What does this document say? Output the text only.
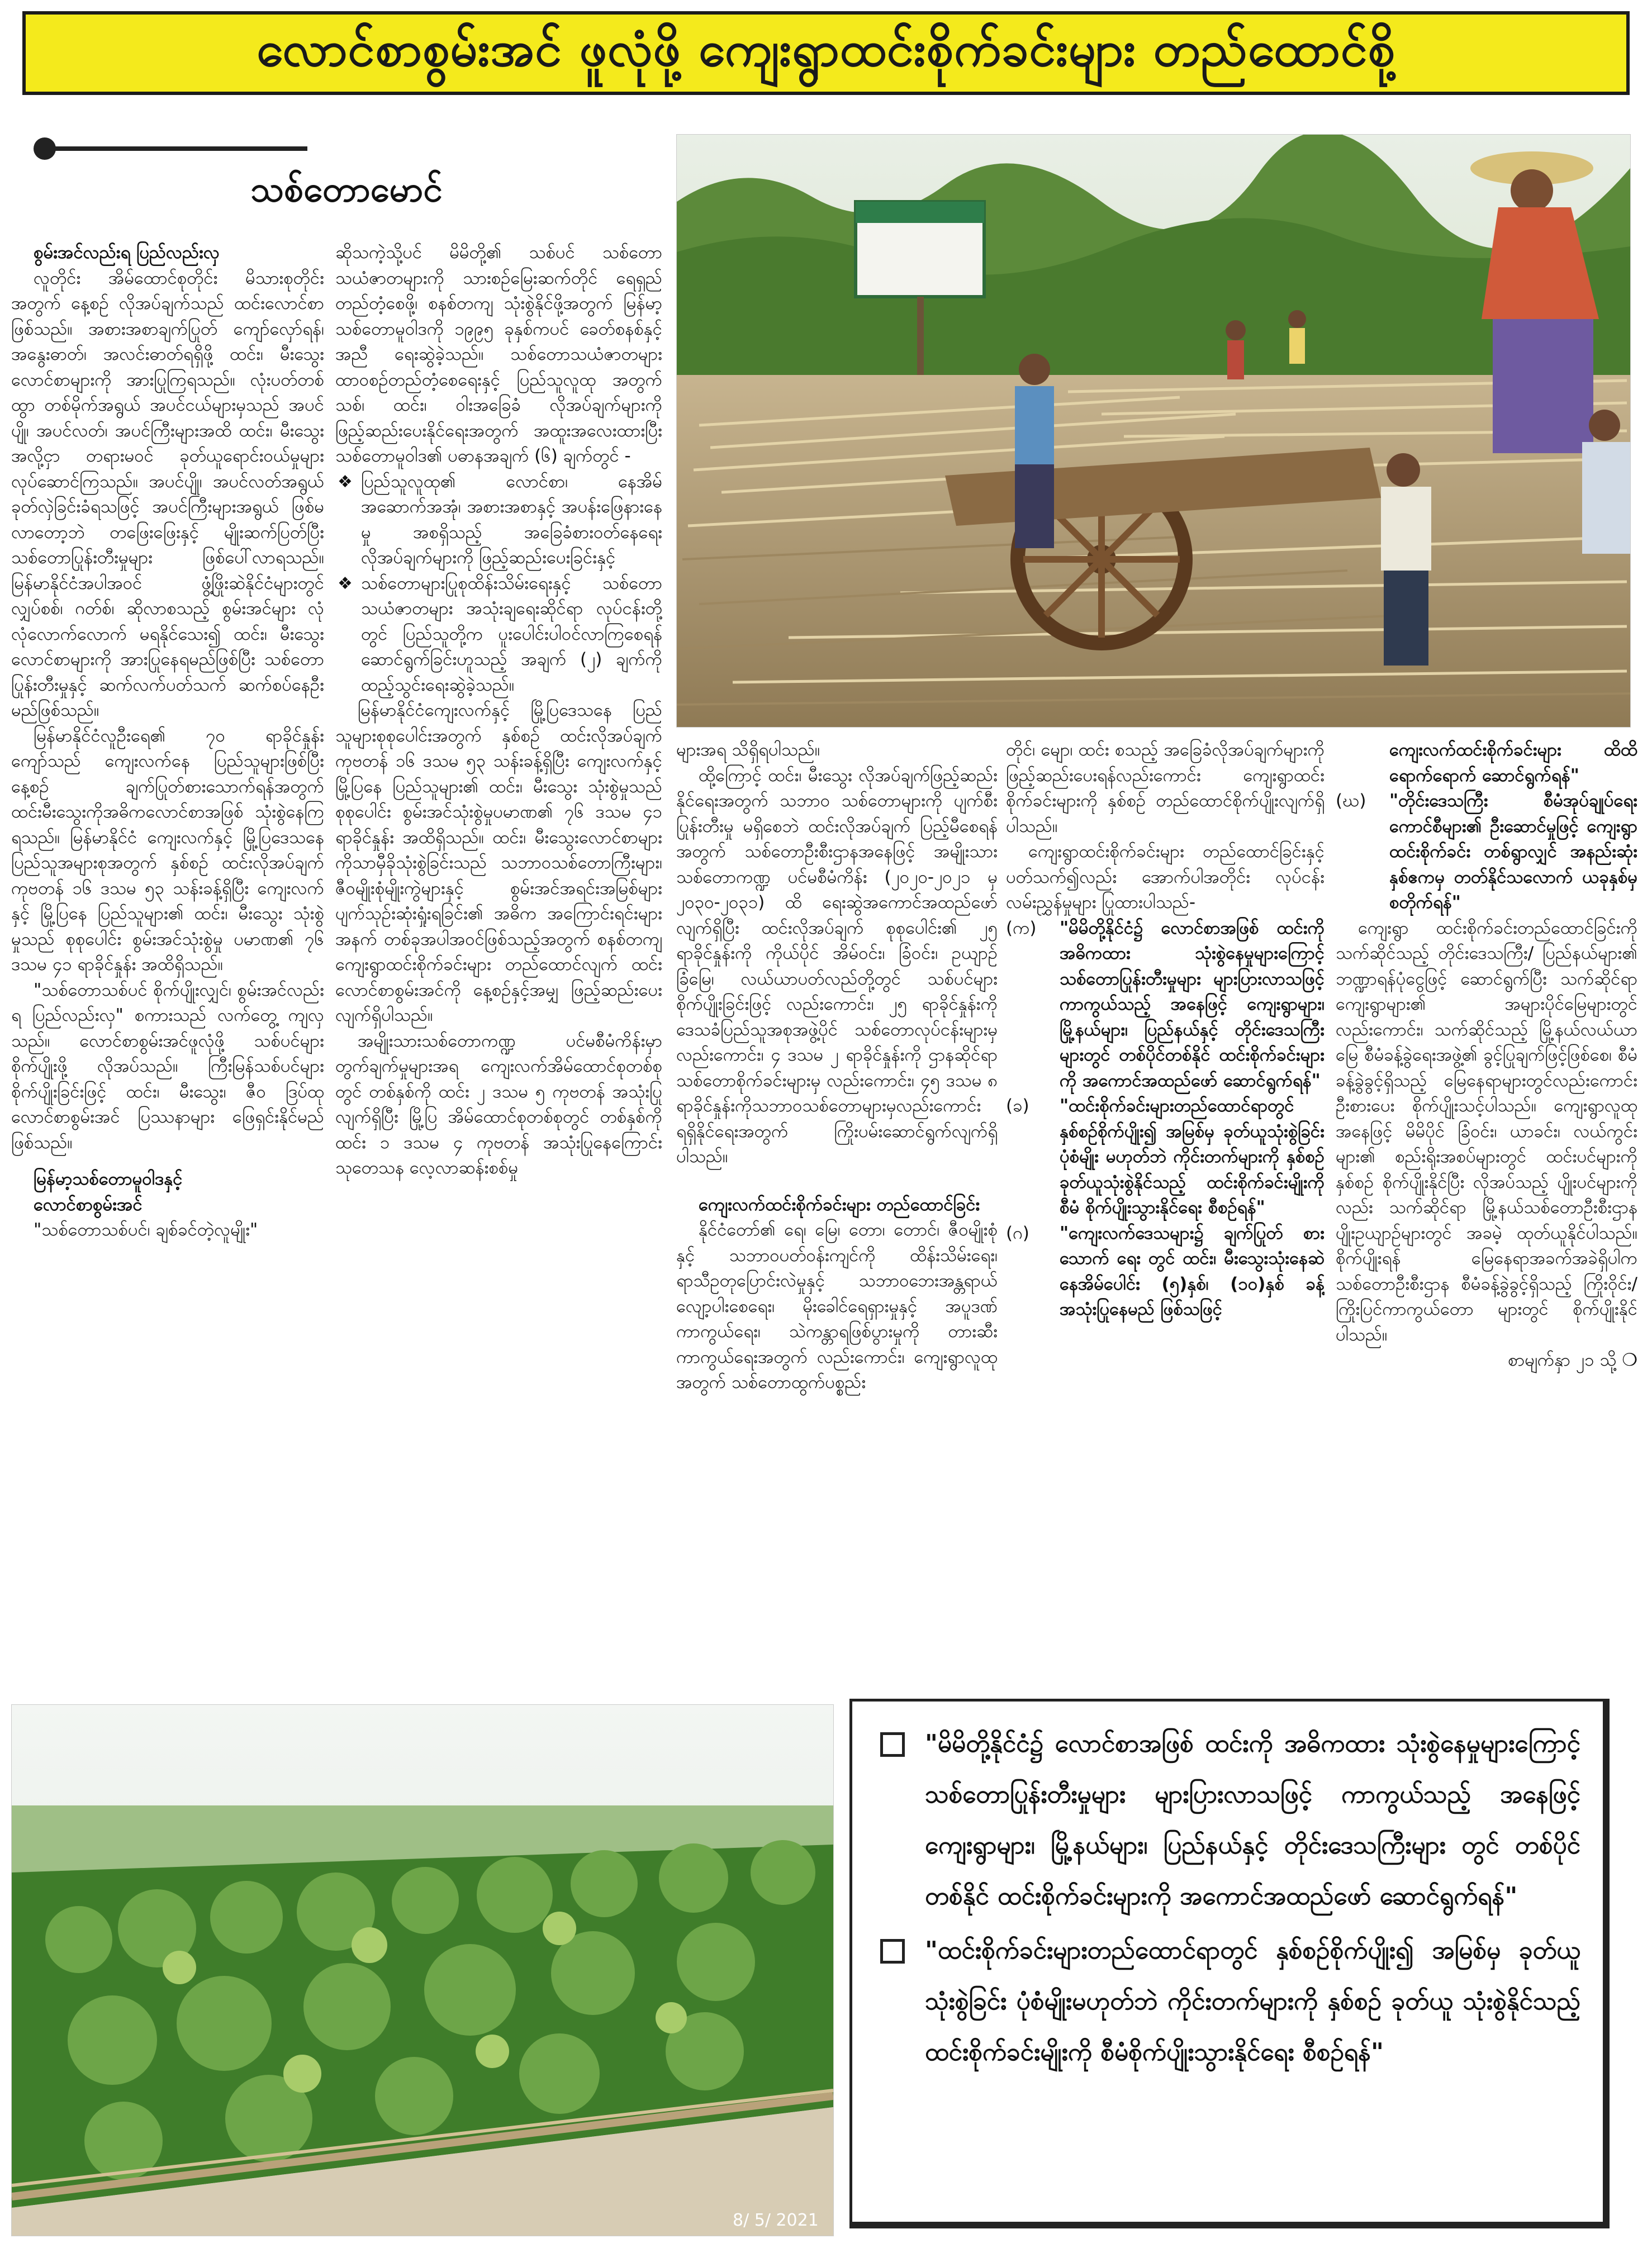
လောင်စာစွမ်းအင် ဖူလုံဖို့ ကျေးရွာထင်းစိုက်ခင်းများ တည်ထောင်စို့
သစ်တောမောင်

စွမ်းအင်လည်းရ ပြည်လည်းလှ

လူတိုင်း အိမ်ထောင်စုတိုင်း မိသားစုတိုင်းအတွက် နေ့စဉ် လိုအပ်ချက်သည် ထင်းလောင်စာ ဖြစ်သည်။ အစားအစာချက်ပြုတ် ကျော်လှော်ရန်၊ အနွေးဓာတ်၊ အလင်းဓာတ်ရရှိဖို့ ထင်း၊ မီးသွေး လောင်စာများကို အားပြုကြရသည်။ လုံးပတ်တစ်ထွာ တစ်မိုက်အရွယ် အပင်ငယ်များမှသည် အပင်ပျို၊ အပင်လတ်၊ အပင်ကြီးများအထိ ထင်း၊ မီးသွေး အလို့ငှာ တရားမဝင် ခုတ်ယူရောင်းဝယ်မှုများ လုပ်ဆောင်ကြသည်။ အပင်ပျို၊ အပင်လတ်အရွယ် ခုတ်လှဲခြင်းခံရသဖြင့် အပင်ကြီးများအရွယ် ဖြစ်မလာတော့ဘဲ တဖြေးဖြေးနှင့် မျိုးဆက်ပြတ်ပြီး သစ်တောပြုန်းတီးမှုများ ဖြစ်ပေါ်လာရသည်။ မြန်မာနိုင်ငံအပါအဝင် ဖွံ့ဖြိုးဆဲနိုင်ငံများတွင် လျှပ်စစ်၊ ဂတ်စ်၊ ဆိုလာစသည့် စွမ်းအင်များ လုံလုံလောက်လောက် မရနိုင်သေး၍ ထင်း၊ မီးသွေး လောင်စာများကို အားပြုနေရမည်ဖြစ်ပြီး သစ်တောပြုန်းတီးမှုနှင့် ဆက်လက်ပတ်သက် ဆက်စပ်နေဦးမည်ဖြစ်သည်။

မြန်မာနိုင်ငံလူဦးရေ၏ ၇၀ ရာခိုင်နှုန်းကျော်သည် ကျေးလက်နေ ပြည်သူများဖြစ်ပြီး နေ့စဉ် ချက်ပြုတ်စားသောက်ရန်အတွက်ထင်းမီးသွေးကိုအဓိကလောင်စာအဖြစ် သုံးစွဲနေကြရသည်။ မြန်မာနိုင်ငံ ကျေးလက်နှင့် မြို့ပြဒေသနေ ပြည်သူအများစုအတွက် နှစ်စဉ် ထင်းလိုအပ်ချက် ကုဗတန် ၁၆ ဒသမ ၅၃ သန်းခန့်ရှိပြီး ကျေးလက်နှင့် မြို့ပြနေ ပြည်သူများ၏ ထင်း၊ မီးသွေး သုံးစွဲမှုသည် စုစုပေါင်း စွမ်းအင်သုံးစွဲမှု ပမာဏ၏ ၇၆ ဒသမ ၄၁ ရာခိုင်နှုန်း အထိရှိသည်။

"သစ်တောသစ်ပင် စိုက်ပျိုးလျှင်၊ စွမ်းအင်လည်းရ ပြည်လည်းလှ" စကားသည် လက်တွေ့ ကျလှသည်။ လောင်စာစွမ်းအင်ဖူလုံဖို့ သစ်ပင်များ စိုက်ပျိုးဖို့ လိုအပ်သည်။ ကြီးမြန်သစ်ပင်များ စိုက်ပျိုးခြင်းဖြင့် ထင်း၊ မီးသွေး၊ ဇီဝ ဒြပ်ထု လောင်စာစွမ်းအင် ပြဿနာများ ဖြေရှင်းနိုင်မည်ဖြစ်သည်။

မြန်မာ့သစ်တောမူဝါဒနှင့်

လောင်စာစွမ်းအင်

"သစ်တောသစ်ပင်၊ ချစ်ခင်တဲ့လူမျိုး"

ဆိုသကဲ့သို့ပင် မိမိတို့၏ သစ်ပင် သစ်တော သယံဇာတများကို သားစဉ်မြေးဆက်တိုင် ရေရှည်တည်တံ့စေဖို့၊ စနစ်တကျ သုံးစွဲနိုင်ဖို့အတွက် မြန်မာ့သစ်တောမူဝါဒကို ၁၉၉၅ ခုနှစ်ကပင် ခေတ်စနစ်နှင့်အညီ ရေးဆွဲခဲ့သည်။ သစ်တောသယံဇာတများ ထာဝစဉ်တည်တံ့စေရေးနှင့် ပြည်သူလူထု အတွက် သစ်၊ ထင်း၊ ဝါးအခြေခံ လိုအပ်ချက်များကို ဖြည့်ဆည်းပေးနိုင်ရေးအတွက် အထူးအလေးထားပြီး သစ်တောမူဝါဒ၏ ပဓာနအချက် (၆) ချက်တွင် -

❖ ပြည်သူလူထု၏ လောင်စာ၊ နေအိမ်အဆောက်အအုံ၊ အစားအစာနှင့် အပန်းဖြေနားနေမှု အစရှိသည့် အခြေခံစားဝတ်နေရေး လိုအပ်ချက်များကို ဖြည့်ဆည်းပေးခြင်းနှင့်
❖ သစ်တောများပြုစုထိန်းသိမ်းရေးနှင့် သစ်တောသယံဇာတများ အသုံးချရေးဆိုင်ရာ လုပ်ငန်းတို့တွင် ပြည်သူတို့က ပူးပေါင်းပါဝင်လာကြစေရန် ဆောင်ရွက်ခြင်းဟူသည့် အချက် (၂) ချက်ကို ထည့်သွင်းရေးဆွဲခဲ့သည်။

မြန်မာနိုင်ငံကျေးလက်နှင့် မြို့ပြဒေသနေ ပြည်သူများစုစုပေါင်းအတွက် နှစ်စဉ် ထင်းလိုအပ်ချက် ကုဗတန် ၁၆ ဒသမ ၅၃ သန်းခန့်ရှိပြီး ကျေးလက်နှင့် မြို့ပြနေ ပြည်သူများ၏ ထင်း၊ မီးသွေး သုံးစွဲမှုသည် စုစုပေါင်း စွမ်းအင်သုံးစွဲမှုပမာဏ၏ ၇၆ ဒသမ ၄၁ ရာခိုင်နှုန်း အထိရှိသည်။ ထင်း၊ မီးသွေးလောင်စာများကိုသာမှီခိုသုံးစွဲခြင်းသည် သဘာဝသစ်တောကြီးများ၊ ဇီဝမျိုးစုံမျိုးကွဲများနှင့် စွမ်းအင်အရင်းအမြစ်များ ပျက်သုဉ်းဆုံးရှုံးရခြင်း၏ အဓိက အကြောင်းရင်းများအနက် တစ်ခုအပါအဝင်ဖြစ်သည့်အတွက် စနစ်တကျ ကျေးရွာထင်းစိုက်ခင်းများ တည်ထောင်လျက် ထင်းလောင်စာစွမ်းအင်ကို နေ့စဉ်နှင့်အမျှ ဖြည့်ဆည်းပေးလျက်ရှိပါသည်။

အမျိုးသားသစ်တောကဏ္ဍ ပင်မစီမံကိန်းမှာ တွက်ချက်မှုများအရ ကျေးလက်အိမ်ထောင်စုတစ်စုတွင် တစ်နှစ်ကို ထင်း ၂ ဒသမ ၅ ကုဗတန် အသုံးပြုလျက်ရှိပြီး မြို့ပြ အိမ်ထောင်စုတစ်စုတွင် တစ်နှစ်ကို ထင်း ၁ ဒသမ ၄ ကုဗတန် အသုံးပြုနေကြောင်း သုတေသန လေ့လာဆန်းစစ်မှု

များအရ သိရှိရပါသည်။

ထို့ကြောင့် ထင်း၊ မီးသွေး လိုအပ်ချက်ဖြည့်ဆည်းနိုင်ရေးအတွက် သဘာဝ သစ်တောများကို ပျက်စီးပြုန်းတီးမှု မရှိစေဘဲ ထင်းလိုအပ်ချက် ပြည့်မီစေရန်အတွက် သစ်တောဦးစီးဌာနအနေဖြင့် အမျိုးသားသစ်တောကဏ္ဍ ပင်မစီမံကိန်း (၂၀၂၀-၂၀၂၁ မှ ၂၀၃၀-၂၀၃၁) ထိ ရေးဆွဲအကောင်အထည်ဖော်လျက်ရှိပြီး ထင်းလိုအပ်ချက် စုစုပေါင်း၏ ၂၅ ရာခိုင်နှုန်းကို ကိုယ်ပိုင် အိမ်ဝင်း၊ ခြံဝင်း၊ ဥယျာဉ်ခြံမြေ၊ လယ်ယာပတ်လည်တို့တွင် သစ်ပင်များ စိုက်ပျိုးခြင်းဖြင့် လည်းကောင်း၊ ၂၅ ရာခိုင်နှုန်းကို ဒေသခံပြည်သူအစုအဖွဲ့ပိုင် သစ်တောလုပ်ငန်းများမှ လည်းကောင်း၊ ၄ ဒသမ ၂ ရာခိုင်နှုန်းကို ဌာနဆိုင်ရာ သစ်တောစိုက်ခင်းများမှ လည်းကောင်း၊ ၄၅ ဒသမ ၈ ရာခိုင်နှုန်းကိုသဘာဝသစ်တောများမှလည်းကောင်း ရရှိနိုင်ရေးအတွက် ကြိုးပမ်းဆောင်ရွက်လျက်ရှိပါသည်။

ကျေးလက်ထင်းစိုက်ခင်းများ တည်ထောင်ခြင်း

နိုင်ငံတော်၏ ရေ၊ မြေ၊ တော၊ တောင်၊ ဇီဝမျိုးစုံနှင့် သဘာဝပတ်ဝန်းကျင်ကို ထိန်းသိမ်းရေး၊ ရာသီဥတုပြောင်းလဲမှုနှင့် သဘာဝဘေးအန္တရာယ် လျော့ပါးစေရေး၊ မိုးခေါင်ရေရှားမှုနှင့် အပူဒဏ်ကာကွယ်ရေး၊ သဲကန္တာရဖြစ်ပွားမှုကို တားဆီးကာကွယ်ရေးအတွက် လည်းကောင်း၊ ကျေးရွာလူထုအတွက် သစ်တောထွက်ပစ္စည်း

တိုင်၊ မျော၊ ထင်း စသည့် အခြေခံလိုအပ်ချက်များကို ဖြည့်ဆည်းပေးရန်လည်းကောင်း ကျေးရွာထင်းစိုက်ခင်းများကို နှစ်စဉ် တည်ထောင်စိုက်ပျိုးလျက်ရှိပါသည်။

ကျေးရွာထင်းစိုက်ခင်းများ တည်ထောင်ခြင်းနှင့် ပတ်သက်၍လည်း အောက်ပါအတိုင်း လုပ်ငန်းလမ်းညွှန်မှုများ ပြုထားပါသည်-

(က)	"မိမိတို့နိုင်ငံ၌ လောင်စာအဖြစ် ထင်းကို အဓိကထား သုံးစွဲနေမှုများကြောင့် သစ်တောပြုန်းတီးမှုများ များပြားလာသဖြင့် ကာကွယ်သည့် အနေဖြင့် ကျေးရွာများ၊ မြို့နယ်များ၊ ပြည်နယ်နှင့် တိုင်းဒေသကြီးများတွင် တစ်ပိုင်တစ်နိုင် ထင်းစိုက်ခင်းများကို အကောင်အထည်ဖော် ဆောင်ရွက်ရန်"
(ခ)	"ထင်းစိုက်ခင်းများတည်ထောင်ရာတွင် နှစ်စဉ်စိုက်ပျိုး၍ အမြစ်မှ ခုတ်ယူသုံးစွဲခြင်း ပုံစံမျိုး မဟုတ်ဘဲ ကိုင်းတက်များကို နှစ်စဉ် ခုတ်ယူသုံးစွဲနိုင်သည့် ထင်းစိုက်ခင်းမျိုးကို စီမံ စိုက်ပျိုးသွားနိုင်ရေး စီစဉ်ရန်"
(ဂ)	"ကျေးလက်ဒေသများ၌ ချက်ပြုတ် စားသောက် ရေး တွင် ထင်း၊ မီးသွေးသုံးနေဆဲ နေအိမ်ပေါင်း (၅)နှစ်၊ (၁၀)နှစ် ခန့် အသုံးပြုနေမည် ဖြစ်သဖြင့်

ကျေးလက်ထင်းစိုက်ခင်းများ ထိထိရောက်ရောက် ဆောင်ရွက်ရန်"

(ဃ)	"တိုင်းဒေသကြီး စီမံအုပ်ချုပ်ရေးကောင်စီများ၏ ဦးဆောင်မှုဖြင့် ကျေးရွာထင်းစိုက်ခင်း တစ်ရွာလျှင် အနည်းဆုံး နှစ်ဧကမှ တတ်နိုင်သလောက် ယခုနှစ်မှ စတိုက်ရန်"

ကျေးရွာ ထင်းစိုက်ခင်းတည်ထောင်ခြင်းကို သက်ဆိုင်သည့် တိုင်းဒေသကြီး/ ပြည်နယ်များ၏ ဘဏ္ဍာရန်ပုံငွေဖြင့် ဆောင်ရွက်ပြီး သက်ဆိုင်ရာ ကျေးရွာများ၏ အများပိုင်မြေများတွင် လည်းကောင်း၊ သက်ဆိုင်သည့် မြို့နယ်လယ်ယာမြေ စီမံခန့်ခွဲရေးအဖွဲ့၏ ခွင့်ပြုချက်ဖြင့်ဖြစ်စေ၊ စီမံခန့်ခွဲခွင့်ရှိသည့် မြေနေရာများတွင်လည်းကောင်း ဦးစားပေး စိုက်ပျိုးသင့်ပါသည်။ ကျေးရွာလူထုအနေဖြင့် မိမိပိုင် ခြံဝင်း၊ ယာခင်း၊ လယ်ကွင်းများ၏ စည်းရိုးအစပ်များတွင် ထင်းပင်များကို နှစ်စဉ် စိုက်ပျိုးနိုင်ပြီး လိုအပ်သည့် ပျိုးပင်များကိုလည်း သက်ဆိုင်ရာ မြို့နယ်သစ်တောဦးစီးဌာန ပျိုးဥယျာဉ်များတွင် အခမဲ့ ထုတ်ယူနိုင်ပါသည်။ စိုက်ပျိုးရန် မြေနေရာအခက်အခဲရှိပါက သစ်တောဦးစီးဌာန စီမံခန့်ခွဲခွင့်ရှိသည့် ကြိုးဝိုင်း/ကြိုးပြင်ကာကွယ်တော များတွင် စိုက်ပျိုးနိုင်ပါသည်။

စာမျက်နှာ ၂၁ သို့ ❍

8/ 5/ 2021
"မိမိတို့နိုင်ငံ၌ လောင်စာအဖြစ် ထင်းကို အဓိကထား သုံးစွဲနေမှုများကြောင့် သစ်တောပြုန်းတီးမှုများ များပြားလာသဖြင့် ကာကွယ်သည့် အနေဖြင့် ကျေးရွာများ၊ မြို့နယ်များ၊ ပြည်နယ်နှင့် တိုင်းဒေသကြီးများ တွင် တစ်ပိုင်တစ်နိုင် ထင်းစိုက်ခင်းများကို အကောင်အထည်ဖော် ဆောင်ရွက်ရန်"
"ထင်းစိုက်ခင်းများတည်ထောင်ရာတွင် နှစ်စဉ်စိုက်ပျိုး၍ အမြစ်မှ ခုတ်ယူသုံးစွဲခြင်း ပုံစံမျိုးမဟုတ်ဘဲ ကိုင်းတက်များကို နှစ်စဉ် ခုတ်ယူ သုံးစွဲနိုင်သည့် ထင်းစိုက်ခင်းမျိုးကို စီမံစိုက်ပျိုးသွားနိုင်ရေး စီစဉ်ရန်"
